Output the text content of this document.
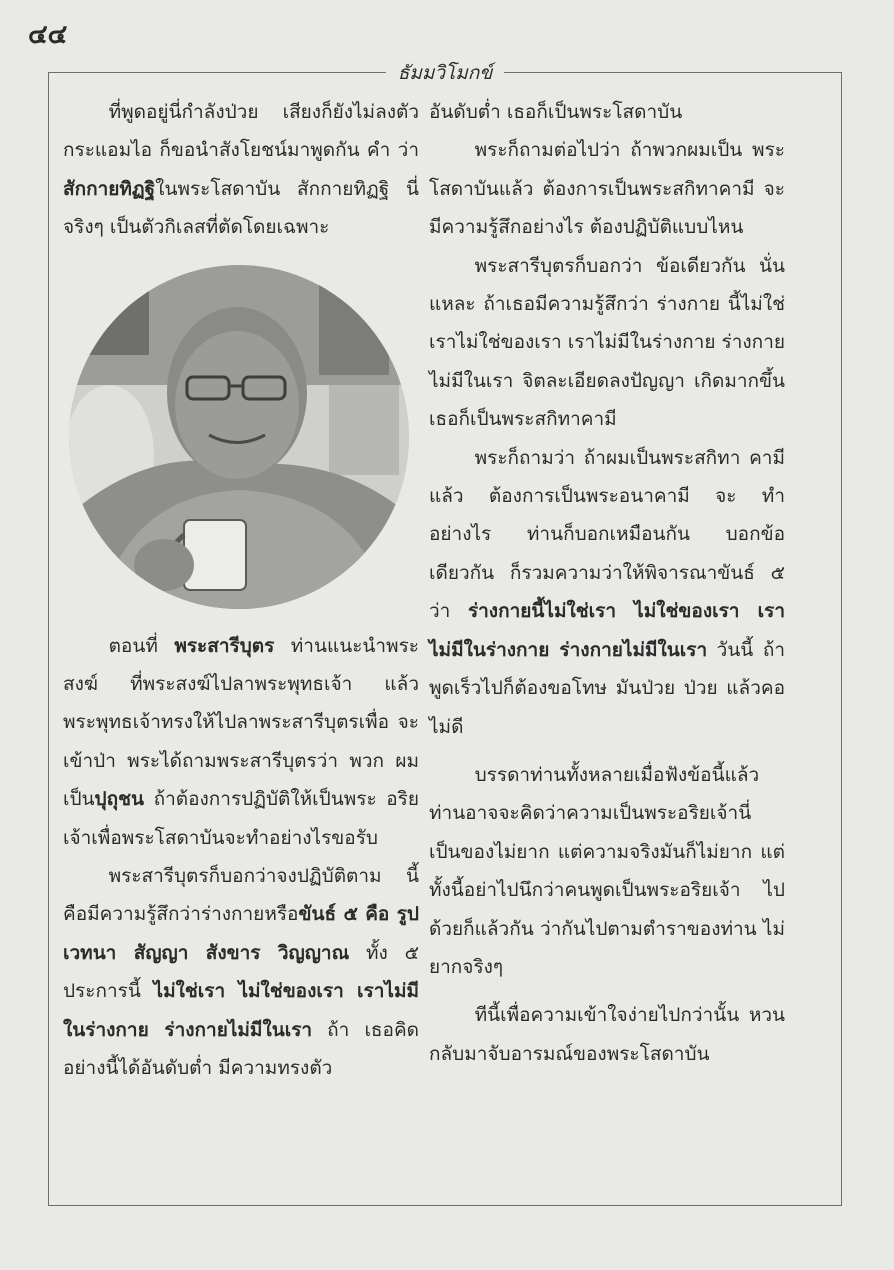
๔๔
ธัมมวิโมกข์

ที่พูดอยู่นี่กำลังป่วย เสียงก็ยังไม่ลงตัว กระแอมไอ ก็ขอนำสังโยชน์มาพูดกัน คำ ว่าสักกายทิฏฐิในพระโสดาบัน สักกายทิฏฐิ นี่จริงๆ เป็นตัวกิเลสที่ตัดโดยเฉพาะ

ตอนที่ พระสารีบุตร ท่านแนะนำพระสงฆ์ ที่พระสงฆ์ไปลาพระพุทธเจ้า แล้ว พระพุทธเจ้าทรงให้ไปลาพระสารีบุตรเพื่อ จะเข้าป่า พระได้ถามพระสารีบุตรว่า พวก ผมเป็นปุถุชน ถ้าต้องการปฏิบัติให้เป็นพระ อริยเจ้าเพื่อพระโสดาบันจะทำอย่างไรขอรับ

พระสารีบุตรก็บอกว่าจงปฏิบัติตาม นี้ คือมีความรู้สึกว่าร่างกายหรือขันธ์ ๕ คือ รูป เวทนา สัญญา สังขาร วิญญาณ ทั้ง ๕ ประการนี้ ไม่ใช่เรา ไม่ใช่ของเรา เราไม่มีในร่างกาย ร่างกายไม่มีในเรา ถ้า เธอคิดอย่างนี้ได้อันดับต่ำ มีความทรงตัว

อันดับต่ำ เธอก็เป็นพระโสดาบัน

พระก็ถามต่อไปว่า ถ้าพวกผมเป็น พระโสดาบันแล้ว ต้องการเป็นพระสกิทาคามี จะมีความรู้สึกอย่างไร ต้องปฏิบัติแบบไหน

พระสารีบุตรก็บอกว่า ข้อเดียวกัน นั่นแหละ ถ้าเธอมีความรู้สึกว่า ร่างกาย นี้ไม่ใช่เราไม่ใช่ของเรา เราไม่มีในร่างกาย ร่างกายไม่มีในเรา จิตละเอียดลงปัญญา เกิดมากขึ้น เธอก็เป็นพระสกิทาคามี

พระก็ถามว่า ถ้าผมเป็นพระสกิทา คามีแล้ว ต้องการเป็นพระอนาคามี จะ ทำอย่างไร ท่านก็บอกเหมือนกัน บอกข้อ เดียวกัน ก็รวมความว่าให้พิจารณาขันธ์ ๕ ว่า ร่างกายนี้ไม่ใช่เรา ไม่ใช่ของเรา เรา ไม่มีในร่างกาย ร่างกายไม่มีในเรา วันนี้ ถ้าพูดเร็วไปก็ต้องขอโทษ มันป่วย ป่วย แล้วคอไม่ดี

บรรดาท่านทั้งหลายเมื่อฟังข้อนี้แล้ว ท่านอาจจะคิดว่าความเป็นพระอริยเจ้านี่ เป็นของไม่ยาก แต่ความจริงมันก็ไม่ยาก แต่ทั้งนี้อย่าไปนึกว่าคนพูดเป็นพระอริยเจ้า ไปด้วยก็แล้วกัน ว่ากันไปตามตำราของท่าน ไม่ยากจริงๆ

ทีนี้เพื่อความเข้าใจง่ายไปกว่านั้น หวนกลับมาจับอารมณ์ของพระโสดาบัน
